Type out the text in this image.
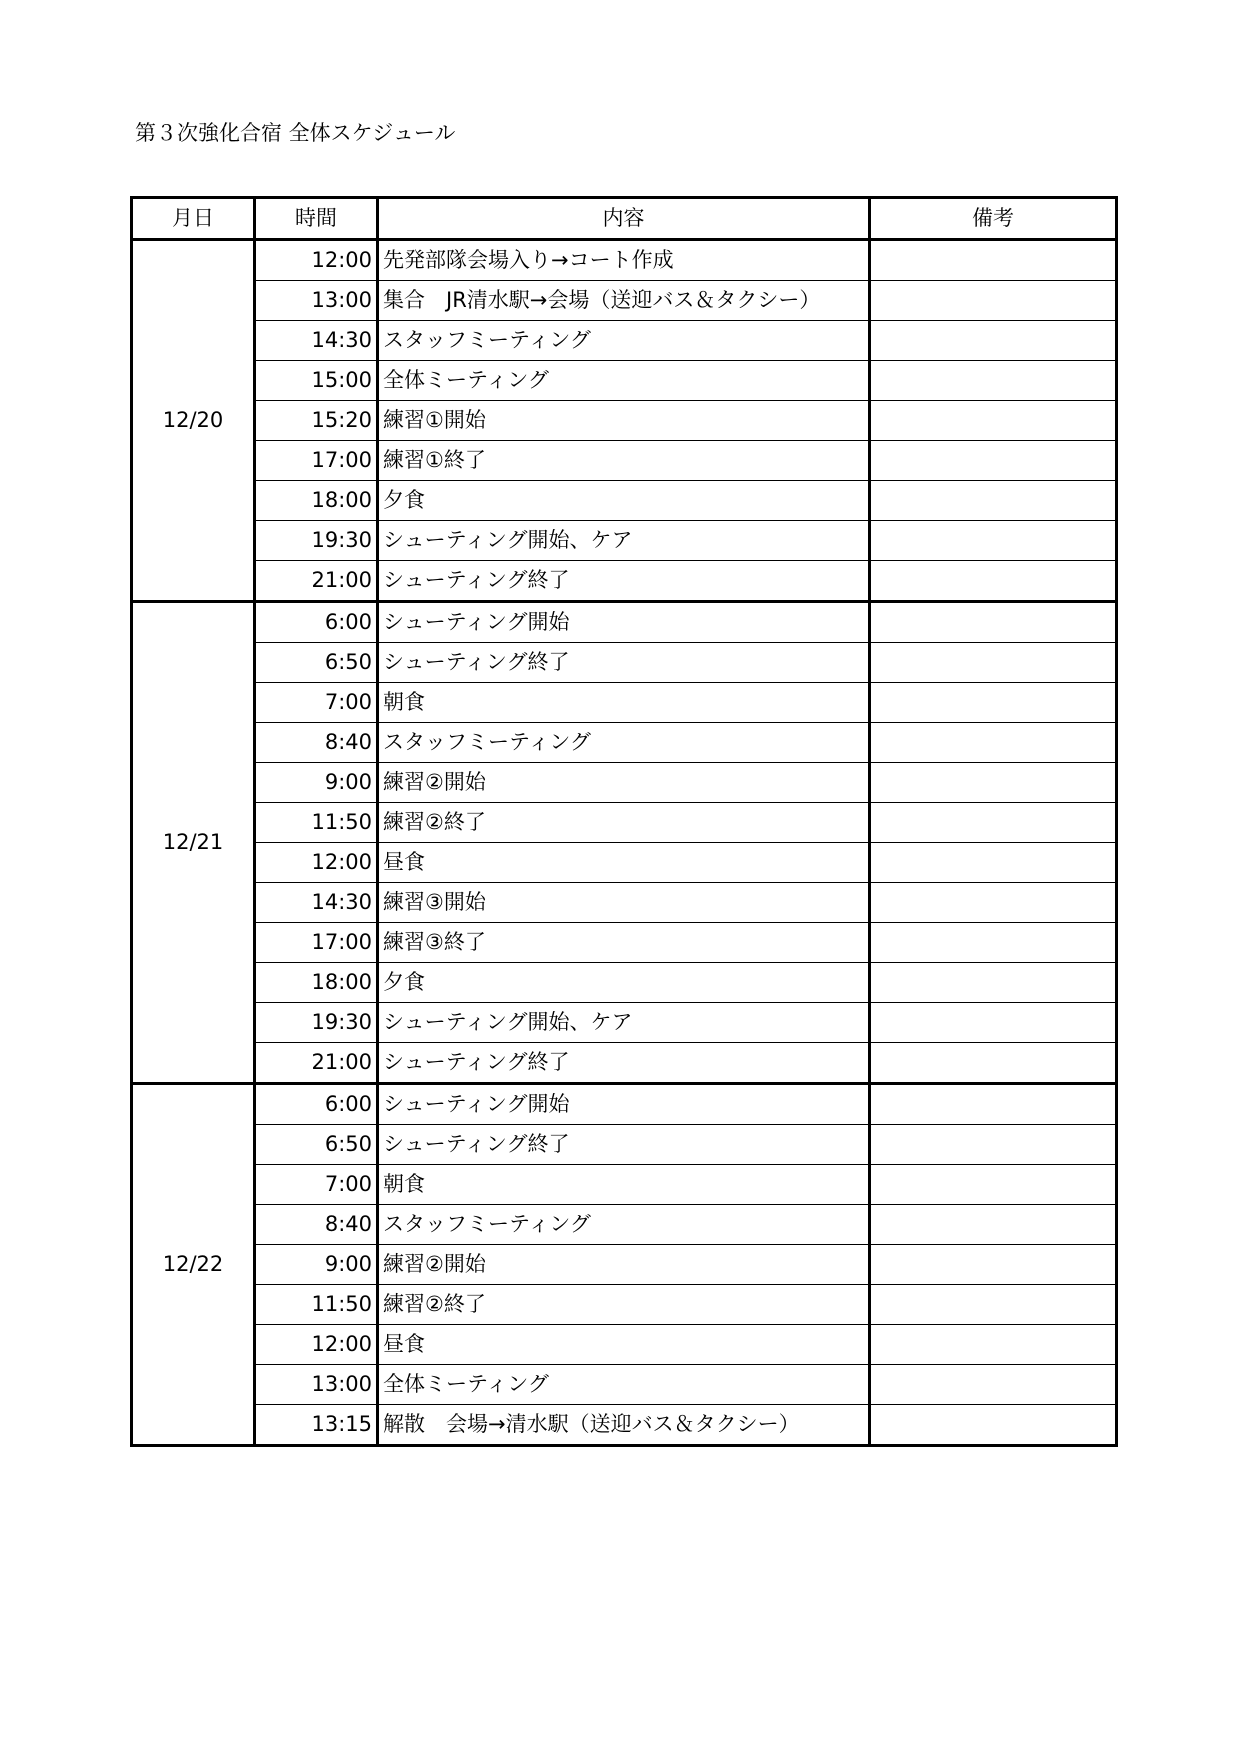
第３次強化合宿 全体スケジュール
月日	時間	内容	備考
12/20	12:00	先発部隊会場入り→コート作成	
	13:00	集合　JR清水駅→会場（送迎バス＆タクシー）	
	14:30	スタッフミーティング	
	15:00	全体ミーティング	
	15:20	練習①開始	
	17:00	練習①終了	
	18:00	夕食	
	19:30	シューティング開始、ケア	
	21:00	シューティング終了	
12/21	6:00	シューティング開始	
	6:50	シューティング終了	
	7:00	朝食	
	8:40	スタッフミーティング	
	9:00	練習②開始	
	11:50	練習②終了	
	12:00	昼食	
	14:30	練習③開始	
	17:00	練習③終了	
	18:00	夕食	
	19:30	シューティング開始、ケア	
	21:00	シューティング終了	
12/22	6:00	シューティング開始	
	6:50	シューティング終了	
	7:00	朝食	
	8:40	スタッフミーティング	
	9:00	練習②開始	
	11:50	練習②終了	
	12:00	昼食	
	13:00	全体ミーティング	
	13:15	解散　会場→清水駅（送迎バス＆タクシー）	
